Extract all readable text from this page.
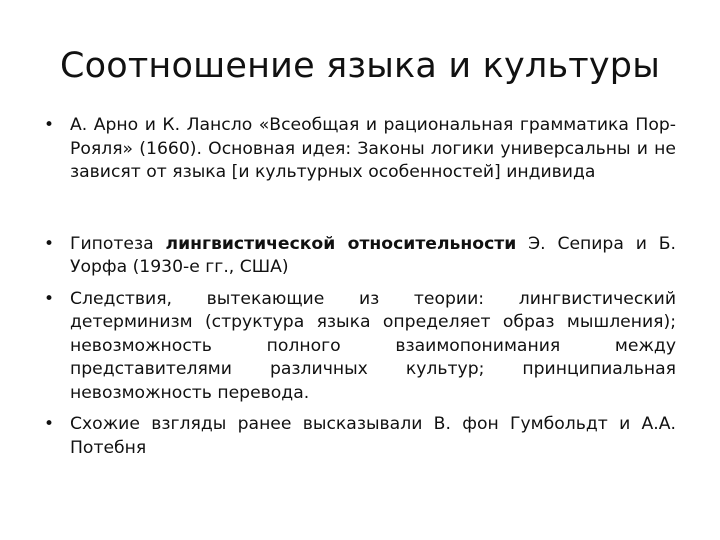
Соотношение языка и культуры
• А. Арно и К. Лансло «Всеобщая и рациональная грамматика Пор-Рояля» (1660). Основная идея: Законы логики универсальны и не зависят от языка [и культурных особенностей] индивида
• Гипотеза лингвистической относительности Э. Сепира и Б. Уорфа (1930-е гг., США)
• Следствия, вытекающие из теории: лингвистический детерминизм (структура языка определяет образ мышления); невозможность полного взаимопонимания между представителями различных культур; принципиальная невозможность перевода.
• Схожие взгляды ранее высказывали В. фон Гумбольдт и А.А. Потебня
